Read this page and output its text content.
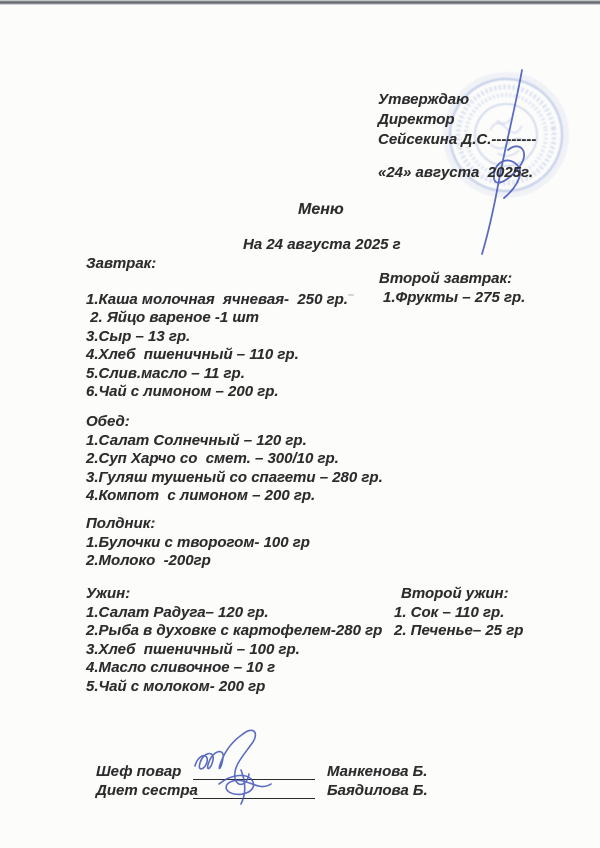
Утверждаю
Директор
Сейсекина Д.С.---------
«24» августа  2025г.
Меню
На 24 августа 2025 г
Завтрак:
1.Каша молочная  ячневая-  250 гр.
2. Яйцо вареное -1 шт
3.Сыр – 13 гр.
4.Хлеб  пшеничный – 110 гр.
5.Слив.масло – 11 гр.
6.Чай с лимоном – 200 гр.
Второй завтрак:
1.Фрукты – 275 гр.
Обед:
1.Салат Солнечный – 120 гр.
2.Суп Харчо со  смет. – 300/10 гр.
3.Гуляш тушеный со спагети – 280 гр.
4.Компот  с лимоном – 200 гр.
Полдник:
1.Булочки с творогом- 100 гр
2.Молоко  -200гр
Ужин:
1.Салат Радуга– 120 гр.
2.Рыба в духовке с картофелем-280 гр
3.Хлеб  пшеничный – 100 гр.
4.Масло сливочное – 10 г
5.Чай с молоком- 200 гр
Второй ужин:
1. Сок – 110 гр.
2. Печенье– 25 гр
Шеф повар	Манкенова Б.
Диет сестра	Баядилова Б.
